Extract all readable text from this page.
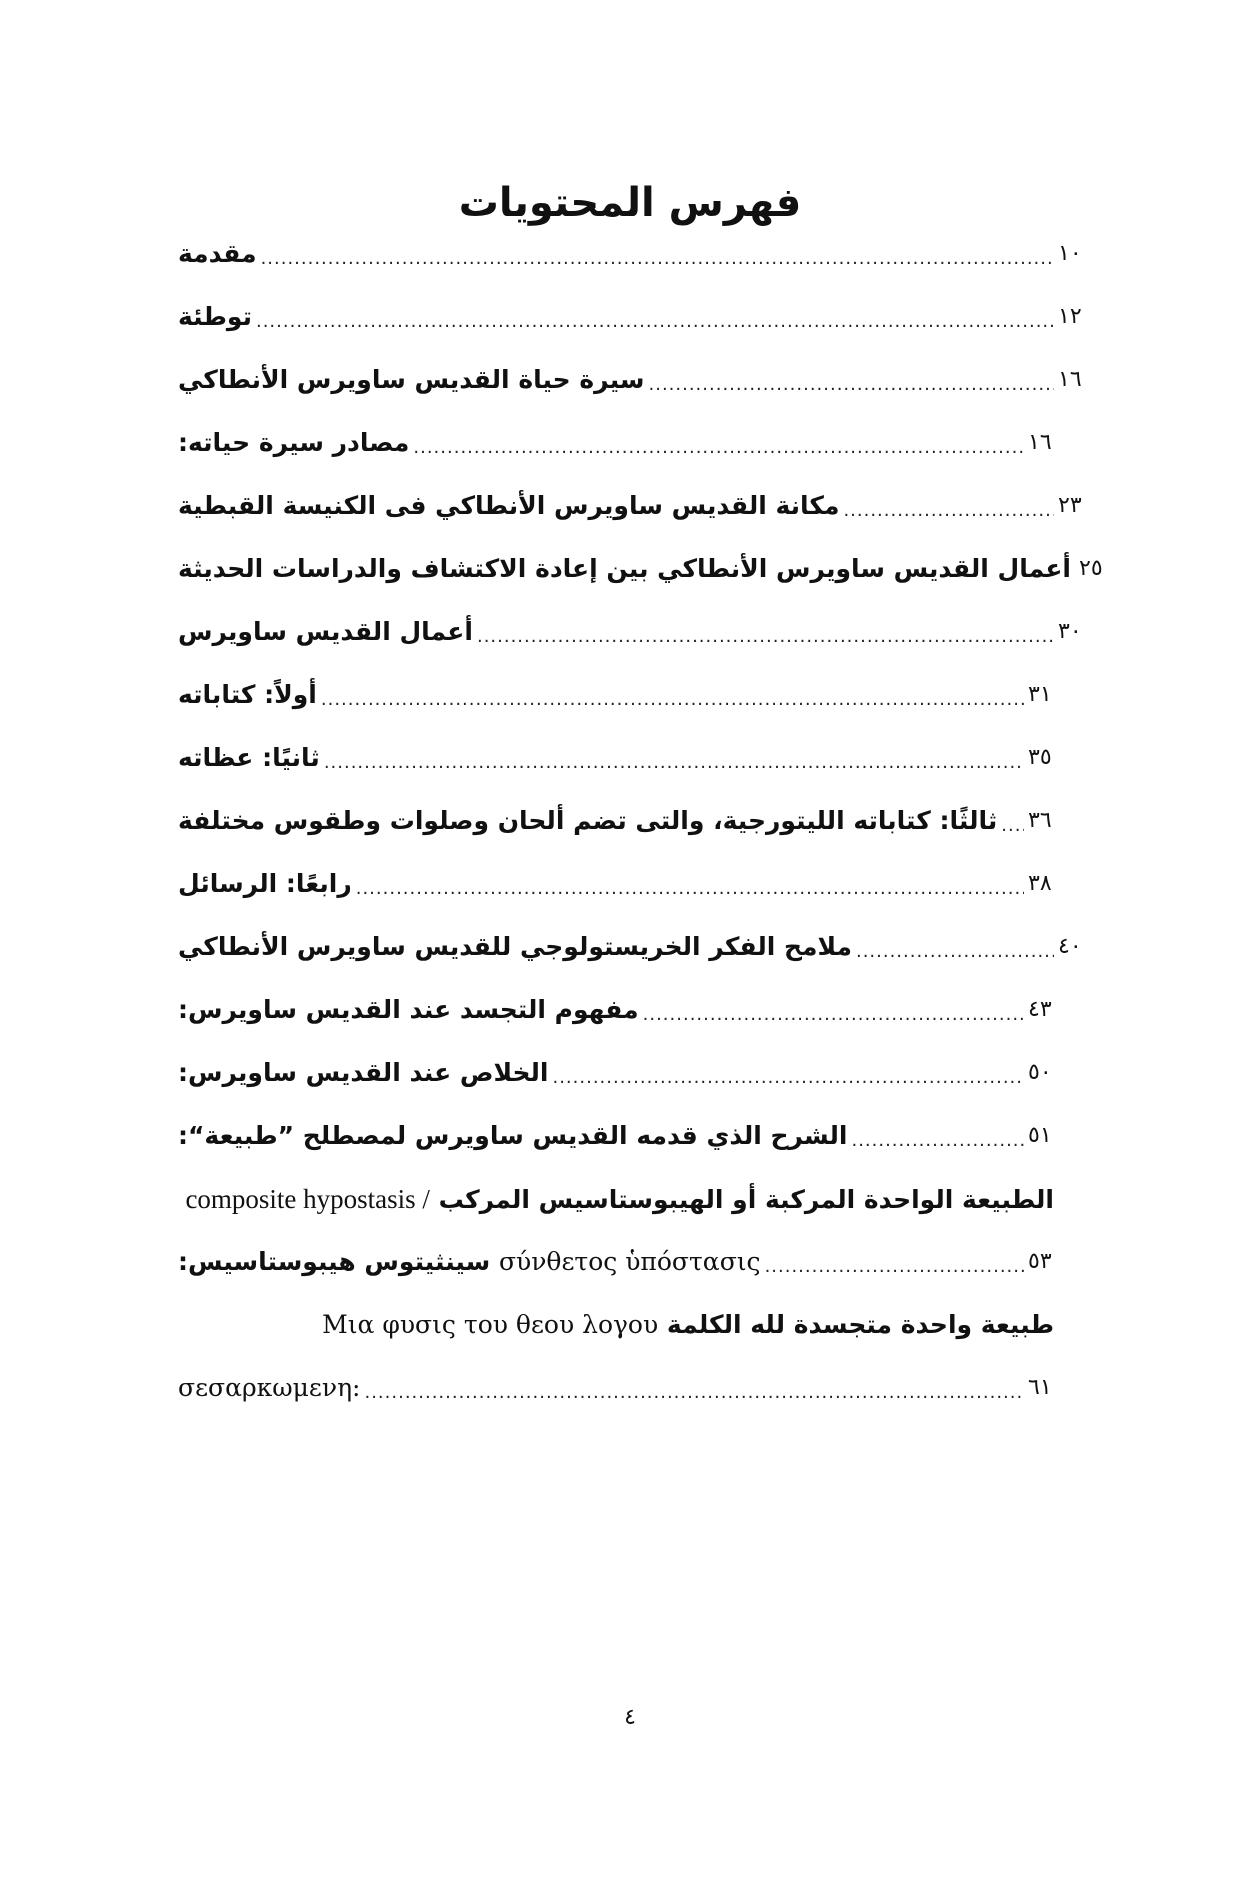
فهرس المحتويات
مقدمة .....	١٠
توطئة .....	١٢
سيرة حياة القديس ساويرس الأنطاكي .....	١٦
مصادر سيرة حياته: .....	١٦
مكانة القديس ساويرس الأنطاكي فى الكنيسة القبطية .....	٢٣
أعمال القديس ساويرس الأنطاكي بين إعادة الاكتشاف والدراسات الحديثة ٢٥
أعمال القديس ساويرس .....	٣٠
أولاً: كتاباته .....	٣١
ثانيًا: عظاته .....	٣٥
ثالثًا: كتاباته الليتورجية، والتى تضم ألحان وصلوات وطقوس مختلفة ..... ٣٦
رابعًا: الرسائل .....	٣٨
ملامح الفكر الخريستولوجي للقديس ساويرس الأنطاكي .....	٤٠
مفهوم التجسد عند القديس ساويرس: .....	٤٣
الخلاص عند القديس ساويرس: .....	٥٠
الشرح الذي قدمه القديس ساويرس لمصطلح ”طبيعة“: .....	٥١
الطبيعة الواحدة المركبة أو الهيبوستاسيس المركب composite hypostasis /
σύνθετος ὑπόστασις سينثيتوس هيبوستاسيس: .....	٥٣
طبيعة واحدة متجسدة لله الكلمة Μια φυσις του θεου λογου
σεσαρκωμενη: .....	٦١
٤
